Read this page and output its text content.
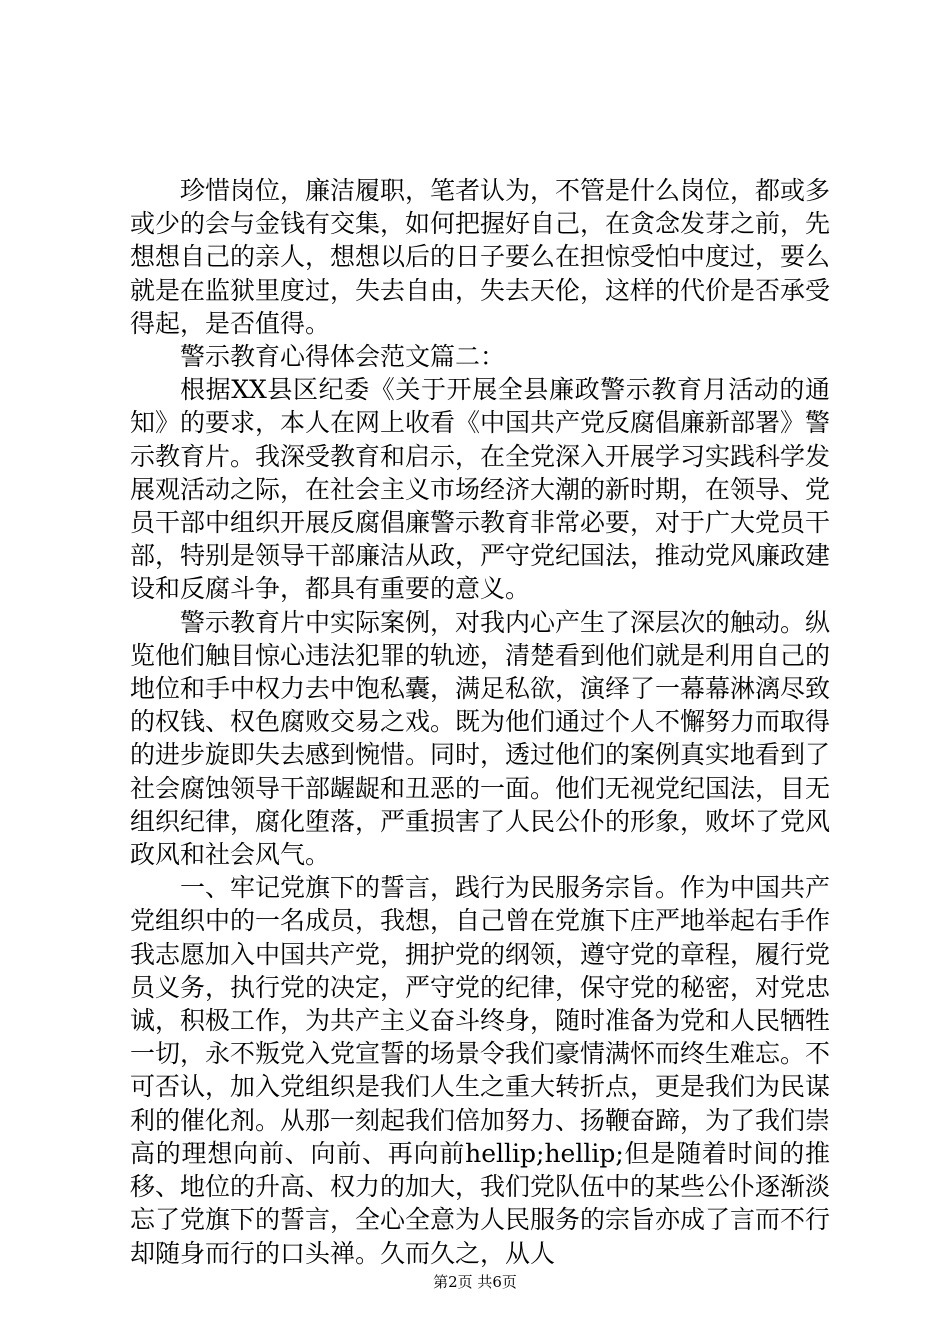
珍惜岗位，廉洁履职，笔者认为，不管是什么岗位，都或多或少的会与金钱有交集，如何把握好自己，在贪念发芽之前，先想想自己的亲人，想想以后的日子要么在担惊受怕中度过，要么就是在监狱里度过，失去自由，失去天伦，这样的代价是否承受得起，是否值得。

警示教育心得体会范文篇二：

根据XX县区纪委《关于开展全县廉政警示教育月活动的通知》的要求，本人在网上收看《中国共产党反腐倡廉新部署》警示教育片。我深受教育和启示，在全党深入开展学习实践科学发展观活动之际，在社会主义市场经济大潮的新时期，在领导、党员干部中组织开展反腐倡廉警示教育非常必要，对于广大党员干部，特别是领导干部廉洁从政，严守党纪国法，推动党风廉政建设和反腐斗争，都具有重要的意义。

警示教育片中实际案例，对我内心产生了深层次的触动。纵览他们触目惊心违法犯罪的轨迹，清楚看到他们就是利用自己的地位和手中权力去中饱私囊，满足私欲，演绎了一幕幕淋漓尽致的权钱、权色腐败交易之戏。既为他们通过个人不懈努力而取得的进步旋即失去感到惋惜。同时，透过他们的案例真实地看到了社会腐蚀领导干部龌龊和丑恶的一面。他们无视党纪国法，目无组织纪律，腐化堕落，严重损害了人民公仆的形象，败坏了党风政风和社会风气。

一、牢记党旗下的誓言，践行为民服务宗旨。作为中国共产党组织中的一名成员，我想，自己曾在党旗下庄严地举起右手作我志愿加入中国共产党，拥护党的纲领，遵守党的章程，履行党员义务，执行党的决定，严守党的纪律，保守党的秘密，对党忠诚，积极工作，为共产主义奋斗终身，随时准备为党和人民牺牲一切，永不叛党入党宣誓的场景令我们豪情满怀而终生难忘。不可否认，加入党组织是我们人生之重大转折点，更是我们为民谋利的催化剂。从那一刻起我们倍加努力、扬鞭奋蹄，为了我们崇高的理想向前、向前、再向前hellip;hellip;但是随着时间的推移、地位的升高、权力的加大，我们党队伍中的某些公仆逐渐淡忘了党旗下的誓言，全心全意为人民服务的宗旨亦成了言而不行却随身而行的口头禅。久而久之，从人

第2页 共6页
